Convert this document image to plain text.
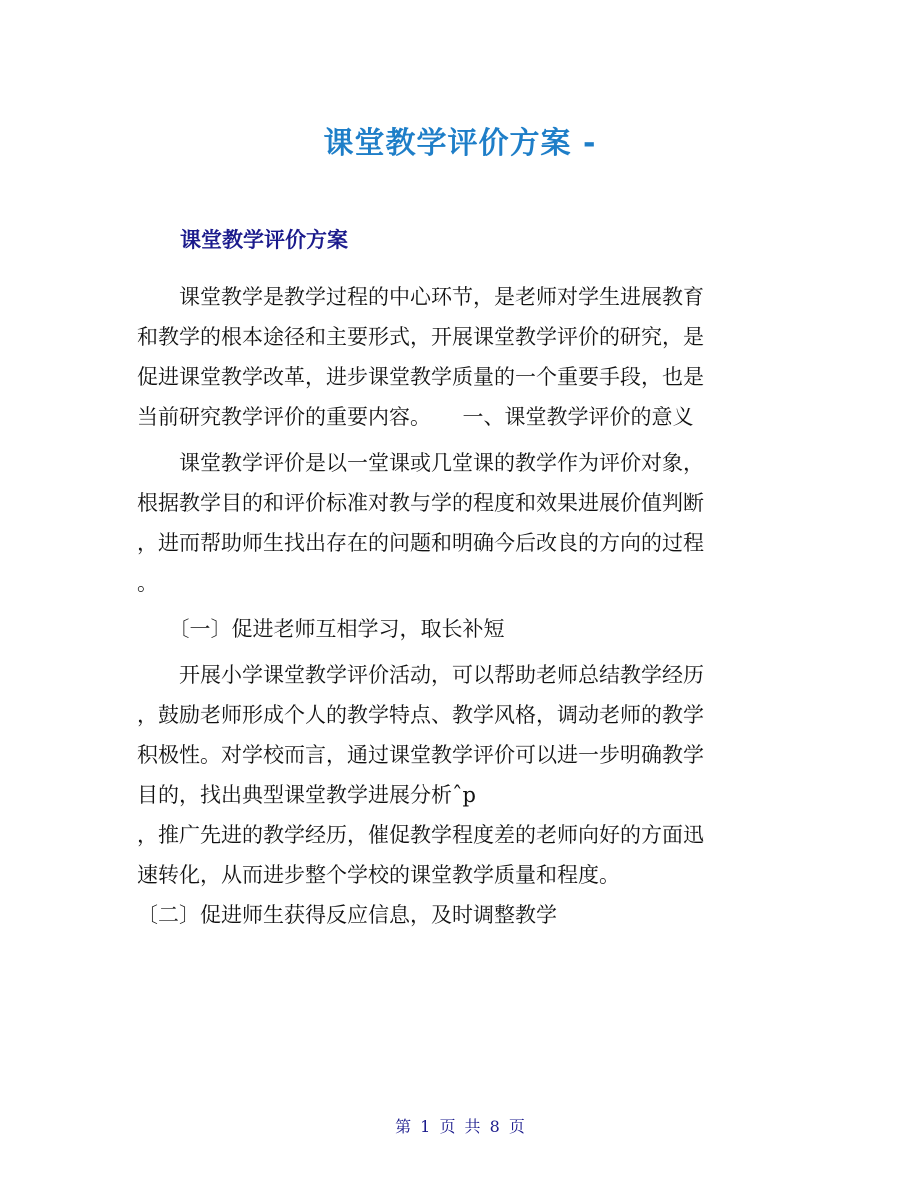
课堂教学评价方案 -
课堂教学评价方案

　　课堂教学是教学过程的中心环节，是老师对学生进展教育

和教学的根本途径和主要形式，开展课堂教学评价的研究，是

促进课堂教学改革，进步课堂教学质量的一个重要手段，也是

当前研究教学评价的重要内容。　　一、课堂教学评价的意义

　　课堂教学评价是以一堂课或几堂课的教学作为评价对象，

根据教学目的和评价标准对教与学的程度和效果进展价值判断

，进而帮助师生找出存在的问题和明确今后改良的方向的过程

。

　　〔一〕促进老师互相学习，取长补短

　　开展小学课堂教学评价活动，可以帮助老师总结教学经历

，鼓励老师形成个人的教学特点、教学风格，调动老师的教学

积极性。对学校而言，通过课堂教学评价可以进一步明确教学

目的，找出典型课堂教学进展分析ˆp

，推广先进的教学经历，催促教学程度差的老师向好的方面迅

速转化，从而进步整个学校的课堂教学质量和程度。

〔二〕促进师生获得反应信息，及时调整教学

第 1 页 共 8 页
